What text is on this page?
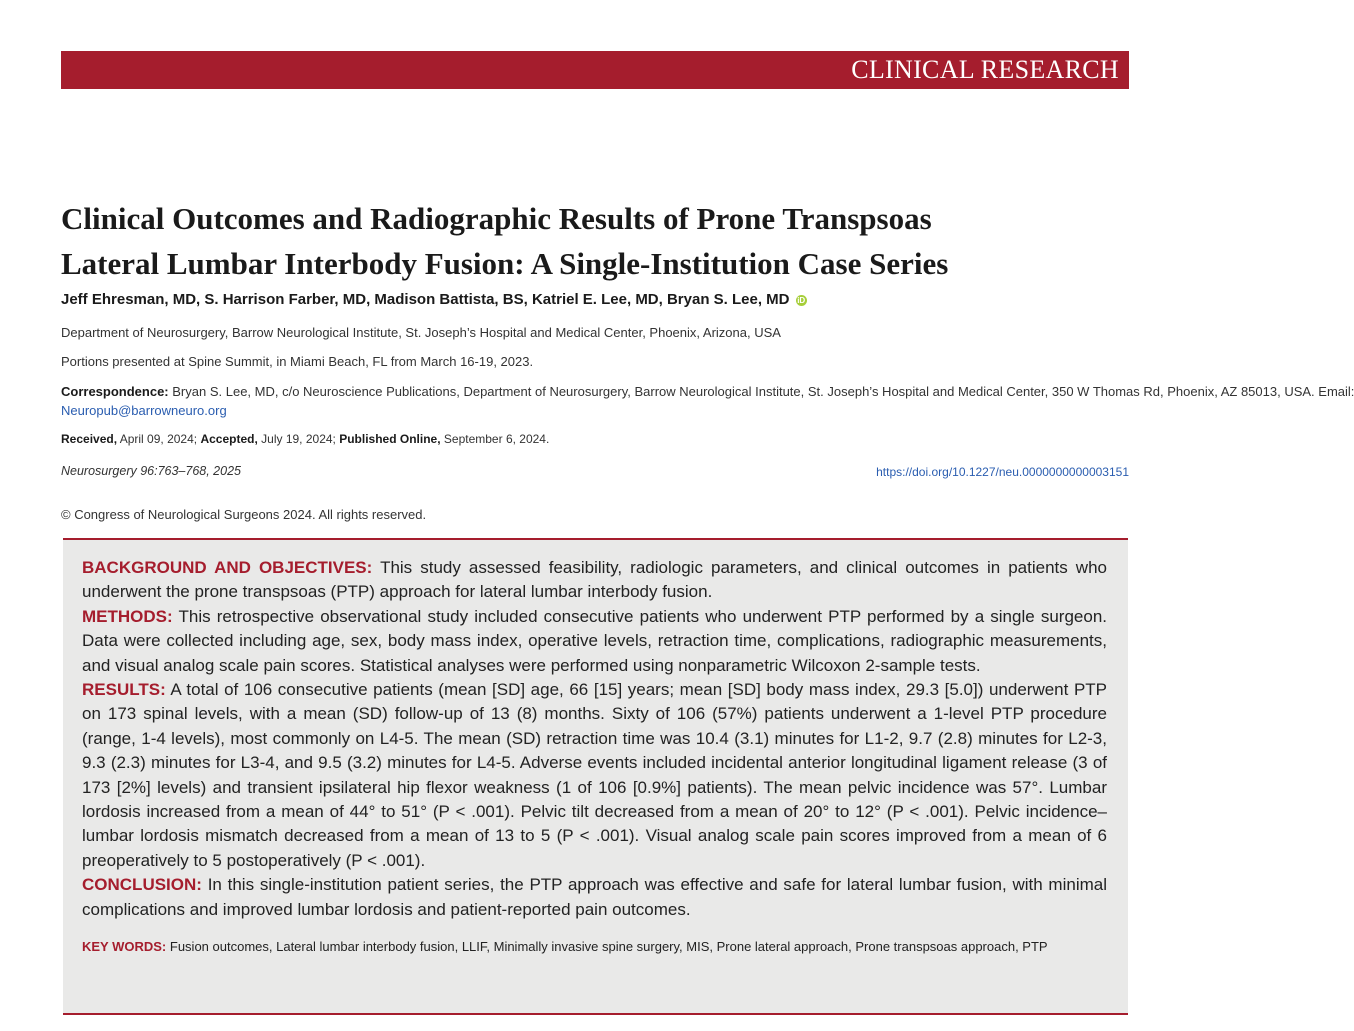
CLINICAL RESEARCH
Clinical Outcomes and Radiographic Results of Prone Transpsoas
Lateral Lumbar Interbody Fusion: A Single-Institution Case Series
Jeff Ehresman, MD, S. Harrison Farber, MD, Madison Battista, BS, Katriel E. Lee, MD, Bryan S. Lee, MD iD
Department of Neurosurgery, Barrow Neurological Institute, St. Joseph’s Hospital and Medical Center, Phoenix, Arizona, USA
Portions presented at Spine Summit, in Miami Beach, FL from March 16-19, 2023.
Correspondence: Bryan S. Lee, MD, c/o Neuroscience Publications, Department of Neurosurgery, Barrow Neurological Institute, St. Joseph’s Hospital and Medical Center, 350 W Thomas Rd, Phoenix, AZ 85013, USA. Email:
Neuropub@barrowneuro.org
Received, April 09, 2024; Accepted, July 19, 2024; Published Online, September 6, 2024.
Neurosurgery 96:763–768, 2025	https://doi.org/10.1227/neu.0000000000003151
© Congress of Neurological Surgeons 2024. All rights reserved.

BACKGROUND AND OBJECTIVES: This study assessed feasibility, radiologic parameters, and clinical outcomes in patients who underwent the prone transpsoas (PTP) approach for lateral lumbar interbody fusion.

METHODS: This retrospective observational study included consecutive patients who underwent PTP performed by a single surgeon. Data were collected including age, sex, body mass index, operative levels, retraction time, complications, radiographic measurements, and visual analog scale pain scores. Statistical analyses were performed using nonparametric Wilcoxon 2-sample tests.

RESULTS: A total of 106 consecutive patients (mean [SD] age, 66 [15] years; mean [SD] body mass index, 29.3 [5.0]) underwent PTP on 173 spinal levels, with a mean (SD) follow-up of 13 (8) months. Sixty of 106 (57%) patients underwent a 1-level PTP procedure (range, 1-4 levels), most commonly on L4-5. The mean (SD) retraction time was 10.4 (3.1) minutes for L1-2, 9.7 (2.8) minutes for L2-3, 9.3 (2.3) minutes for L3-4, and 9.5 (3.2) minutes for L4-5. Adverse events included incidental anterior longitudinal ligament release (3 of 173 [2%] levels) and transient ipsilateral hip flexor weakness (1 of 106 [0.9%] patients). The mean pelvic incidence was 57°. Lumbar lordosis increased from a mean of 44° to 51° (P < .001). Pelvic tilt decreased from a mean of 20° to 12° (P < .001). Pelvic incidence–lumbar lordosis mismatch decreased from a mean of 13 to 5 (P < .001). Visual analog scale pain scores improved from a mean of 6 preoperatively to 5 postoperatively (P < .001).

CONCLUSION: In this single-institution patient series, the PTP approach was effective and safe for lateral lumbar fusion, with minimal complications and improved lumbar lordosis and patient-reported pain outcomes.

KEY WORDS: Fusion outcomes, Lateral lumbar interbody fusion, LLIF, Minimally invasive spine surgery, MIS, Prone lateral approach, Prone transpsoas approach, PTP
